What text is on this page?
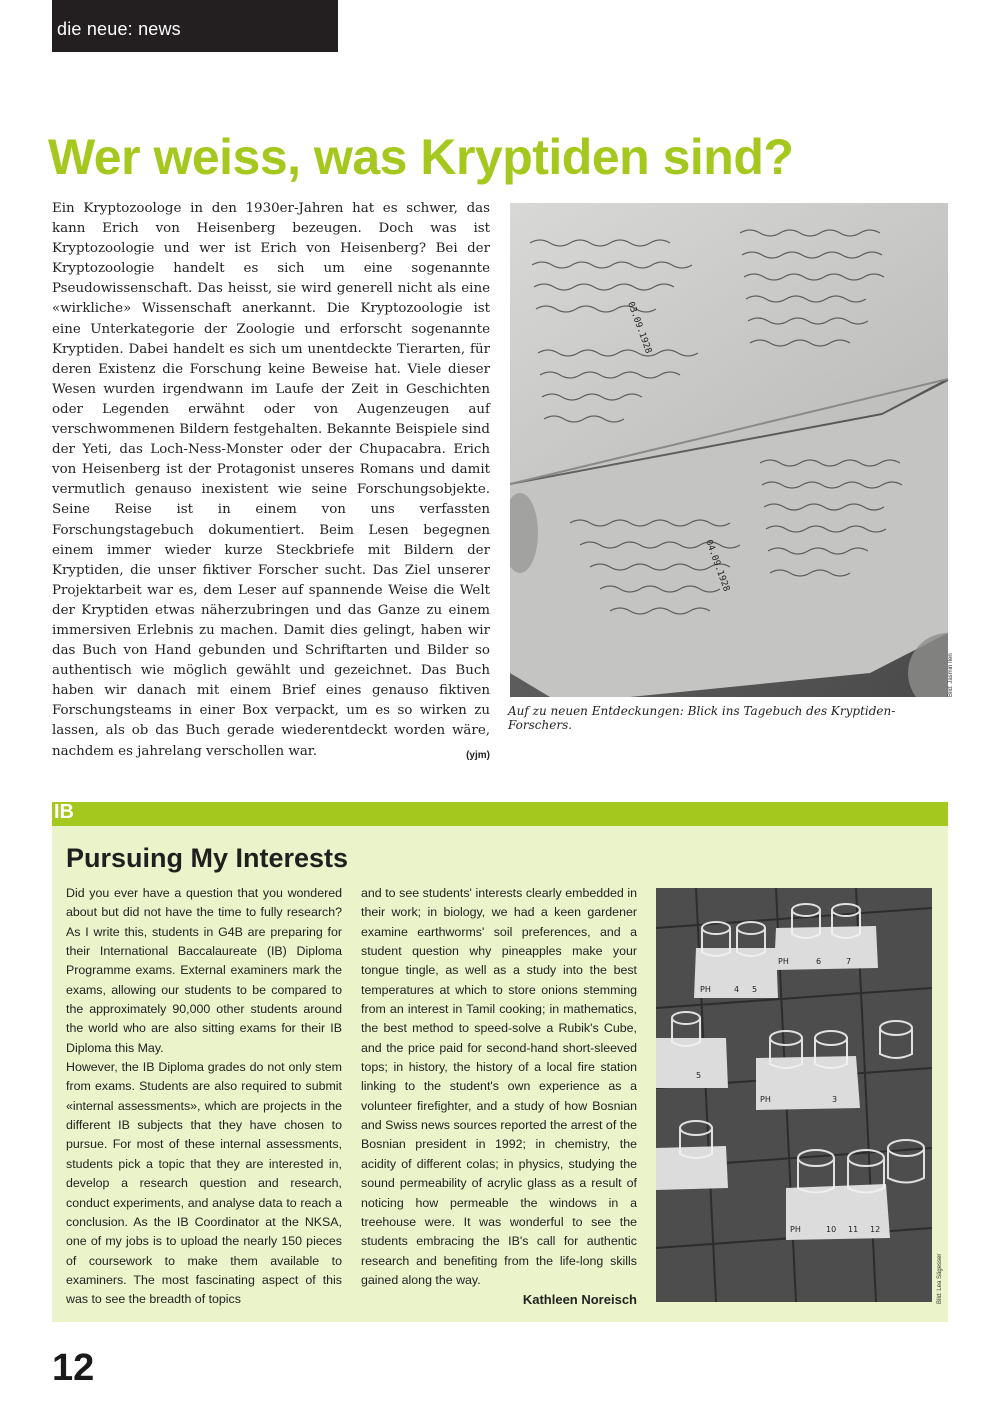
die neue: news
Wer weiss, was Kryptiden sind?
Ein Kryptozoologe in den 1930er-Jahren hat es schwer, das kann Erich von Heisenberg bezeugen. Doch was ist Kryptozoologie und wer ist Erich von Heisenberg? Bei der Kryptozoologie handelt es sich um eine sogenannte Pseudowissenschaft. Das heisst, sie wird generell nicht als eine «wirkliche» Wissenschaft anerkannt. Die Kryptozoologie ist eine Unterkategorie der Zoologie und erforscht sogenannte Kryptiden. Dabei handelt es sich um unentdeckte Tierarten, für deren Existenz die Forschung keine Beweise hat. Viele dieser Wesen wurden irgendwann im Laufe der Zeit in Geschichten oder Legenden erwähnt oder von Augenzeugen auf verschwommenen Bildern festgehalten. Bekannte Beispiele sind der Yeti, das Loch-Ness-Monster oder der Chupacabra. Erich von Heisenberg ist der Protagonist unseres Romans und damit vermutlich genauso inexistent wie seine Forschungsobjekte. Seine Reise ist in einem von uns verfassten Forschungstagebuch dokumentiert. Beim Lesen begegnen einem immer wieder kurze Steckbriefe mit Bildern der Kryptiden, die unser fiktiver Forscher sucht. Das Ziel unserer Projektarbeit war es, dem Leser auf spannende Weise die Welt der Kryptiden etwas näherzubringen und das Ganze zu einem immersiven Erlebnis zu machen. Damit dies gelingt, haben wir das Buch von Hand gebunden und Schriftarten und Bilder so authentisch wie möglich gewählt und gezeichnet. Das Buch haben wir danach mit einem Brief eines genauso fiktiven Forschungsteams in einer Box verpackt, um es so wirken zu lassen, als ob das Buch gerade wiederentdeckt worden wäre, nachdem es jahrelang verschollen war.	(yjm)
03.09.1928
04.09.1928
Bild: Jasmin Ilen
Auf zu neuen Entdeckungen: Blick ins Tagebuch des Kryptiden-Forschers.
IB
Pursuing My Interests

Did you ever have a question that you wondered about but did not have the time to fully research? As I write this, students in G4B are preparing for their International Baccalaureate (IB) Diploma Programme exams. External examiners mark the exams, allowing our students to be compared to the approximately 90,000 other students around the world who are also sitting exams for their IB Diploma this May.

However, the IB Diploma grades do not only stem from exams. Students are also required to submit «internal assessments», which are projects in the different IB subjects that they have chosen to pursue. For most of these internal assessments, students pick a topic that they are interested in, develop a research question and research, conduct experiments, and analyse data to reach a conclusion. As the IB Coordinator at the NKSA, one of my jobs is to upload the nearly 150 pieces of coursework to make them available to examiners. The most fascinating aspect of this was to see the breadth of topics

and to see students' interests clearly embedded in their work; in biology, we had a keen gardener examine earthworms' soil preferences, and a student question why pineapples make your tongue tingle, as well as a study into the best temperatures at which to store onions stemming from an interest in Tamil cooking; in mathematics, the best method to speed-solve a Rubik's Cube, and the price paid for second-hand short-sleeved tops; in history, the history of a local fire station linking to the student's own experience as a volunteer firefighter, and a study of how Bosnian and Swiss news sources reported the arrest of the Bosnian president in 1992; in chemistry, the acidity of different colas; in physics, studying the sound permeability of acrylic glass as a result of noticing how permeable the windows in a treehouse were. It was wonderful to see the students embracing the IB's call for authentic research and benefiting from the life-long skills gained along the way.

Kathleen Noreisch

PH
PH
PH
PH
4 5
6	7
10 11 12
3
5
Bild: Lea Sägesser
12
